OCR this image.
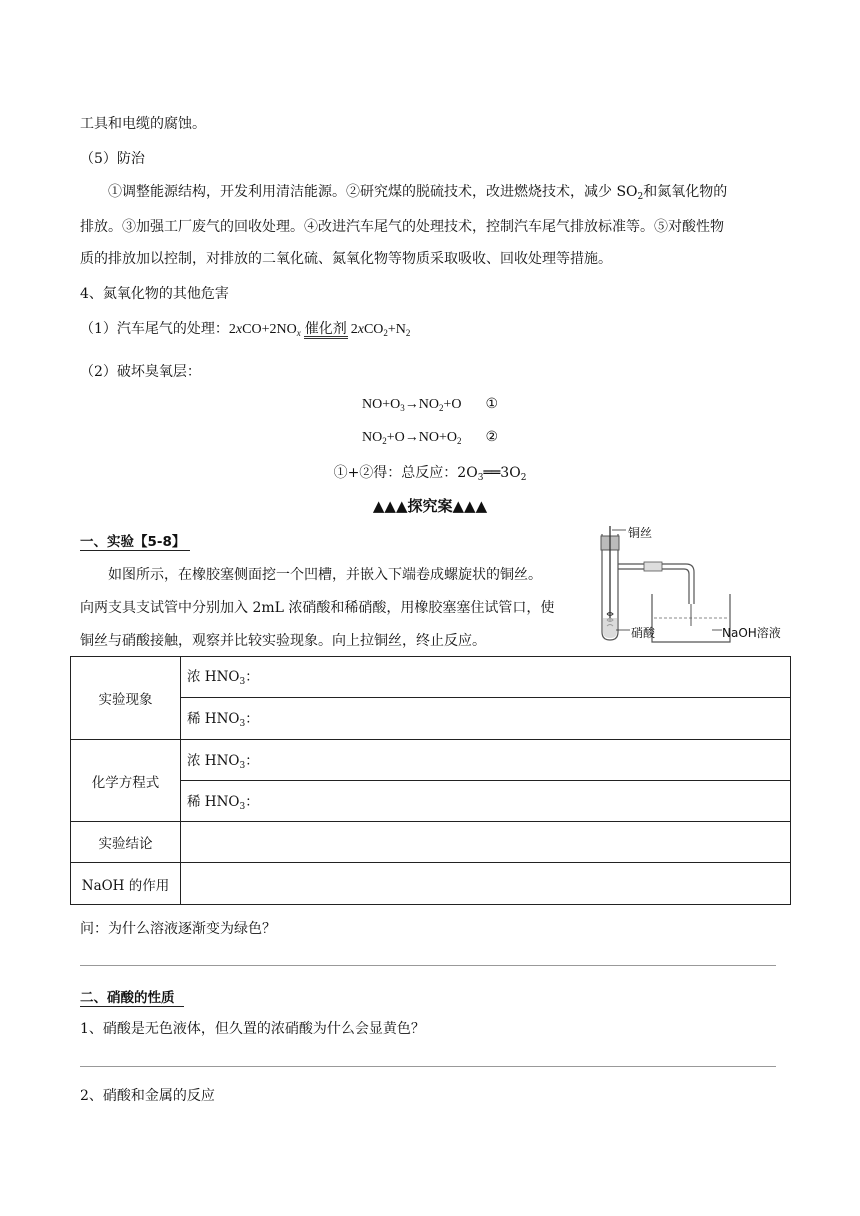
工具和电缆的腐蚀。
（5）防治
①调整能源结构，开发利用清洁能源。②研究煤的脱硫技术，改进燃烧技术，减少 $SO_2$和氮氧化物的
排放。③加强工厂废气的回收处理。④改进汽车尾气的处理技术，控制汽车尾气排放标准等。⑤对酸性物
质的排放加以控制，对排放的二氧化硫、氮氧化物等物质采取吸收、回收处理等措施。
4、氮氧化物的其他危害
（1）汽车尾气的处理：$2xCO+2NO_x$ 催化剂 $2xCO_2+N_2$
（2）破坏臭氧层：
$NO+O_3\to NO_2+O$ ①
$NO_2+O\to NO+O_2$ ②
①+②得：总反应：$2O_3══3O_2$
▲▲▲探究案▲▲▲
一、实验【5-8】
如图所示，在橡胶塞侧面挖一个凹槽，并嵌入下端卷成螺旋状的铜丝。
向两支具支试管中分别加入 2mL 浓硝酸和稀硝酸，用橡胶塞塞住试管口，使
铜丝与硝酸接触，观察并比较实验现象。向上拉铜丝，终止反应。
铜丝
硝酸	NaOH溶液
实验现象	浓 $HNO_3$：
	稀 $HNO_3$：
化学方程式	浓 $HNO_3$：
	稀 $HNO_3$：
实验结论	
NaOH 的作用	
问：为什么溶液逐渐变为绿色？
二、硝酸的性质
1、硝酸是无色液体，但久置的浓硝酸为什么会显黄色？
2、硝酸和金属的反应
